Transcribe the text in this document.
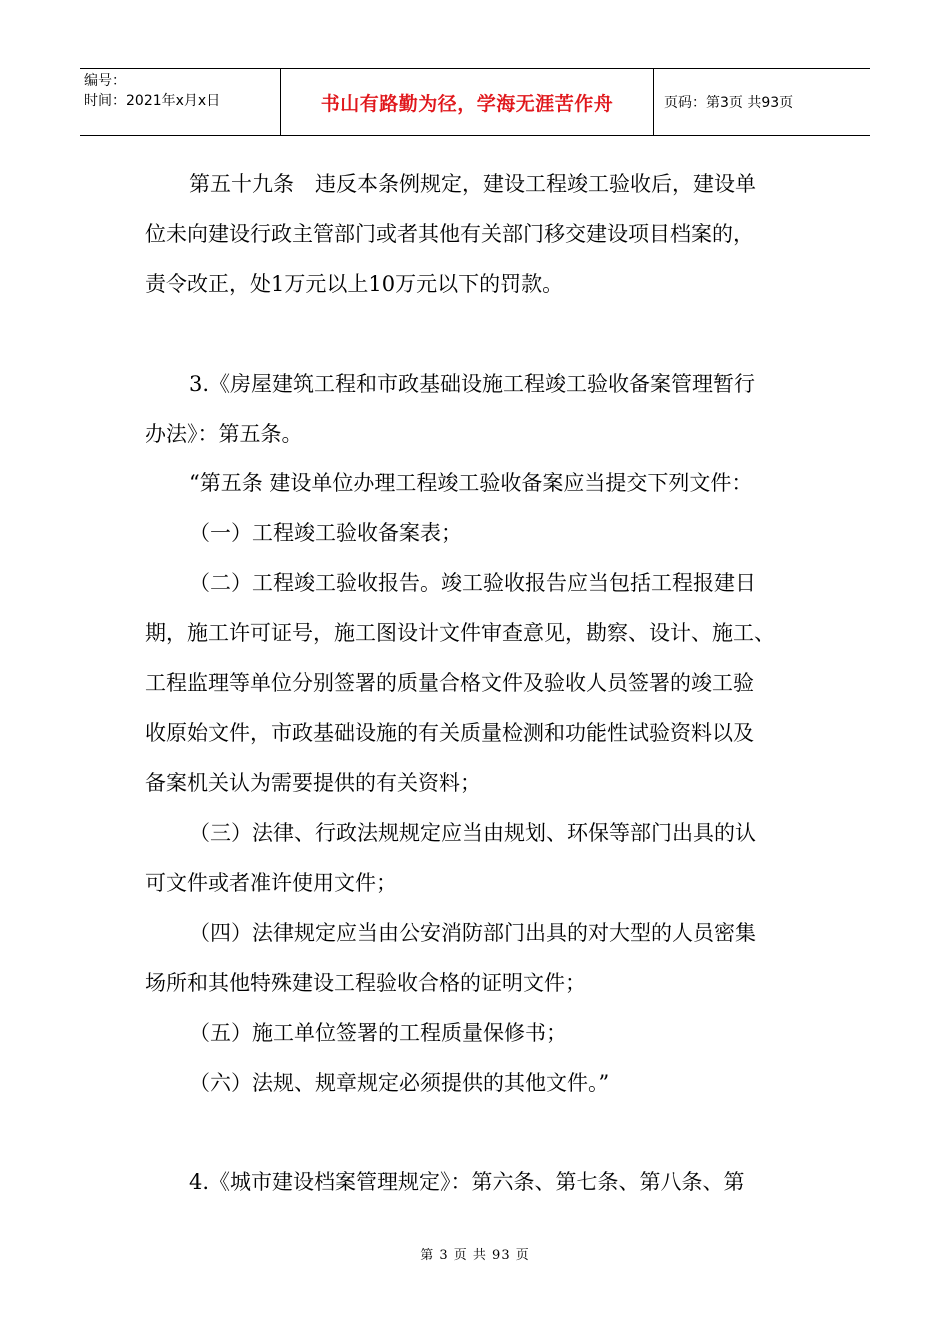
编号：
时间：2021年x月x日	书山有路勤为径，学海无涯苦作舟	页码：第3页 共93页
第五十九条　违反本条例规定，建设工程竣工验收后，建设单
位未向建设行政主管部门或者其他有关部门移交建设项目档案的，
责令改正，处1万元以上10万元以下的罚款。
3.《房屋建筑工程和市政基础设施工程竣工验收备案管理暂行
办法》：第五条。
“第五条 建设单位办理工程竣工验收备案应当提交下列文件：
（一）工程竣工验收备案表；
（二）工程竣工验收报告。竣工验收报告应当包括工程报建日
期，施工许可证号，施工图设计文件审查意见，勘察、设计、施工、
工程监理等单位分别签署的质量合格文件及验收人员签署的竣工验
收原始文件，市政基础设施的有关质量检测和功能性试验资料以及
备案机关认为需要提供的有关资料；
（三）法律、行政法规规定应当由规划、环保等部门出具的认
可文件或者准许使用文件；
（四）法律规定应当由公安消防部门出具的对大型的人员密集
场所和其他特殊建设工程验收合格的证明文件；
（五）施工单位签署的工程质量保修书；
（六）法规、规章规定必须提供的其他文件。”
4.《城市建设档案管理规定》：第六条、第七条、第八条、第
第 3 页 共 93 页
